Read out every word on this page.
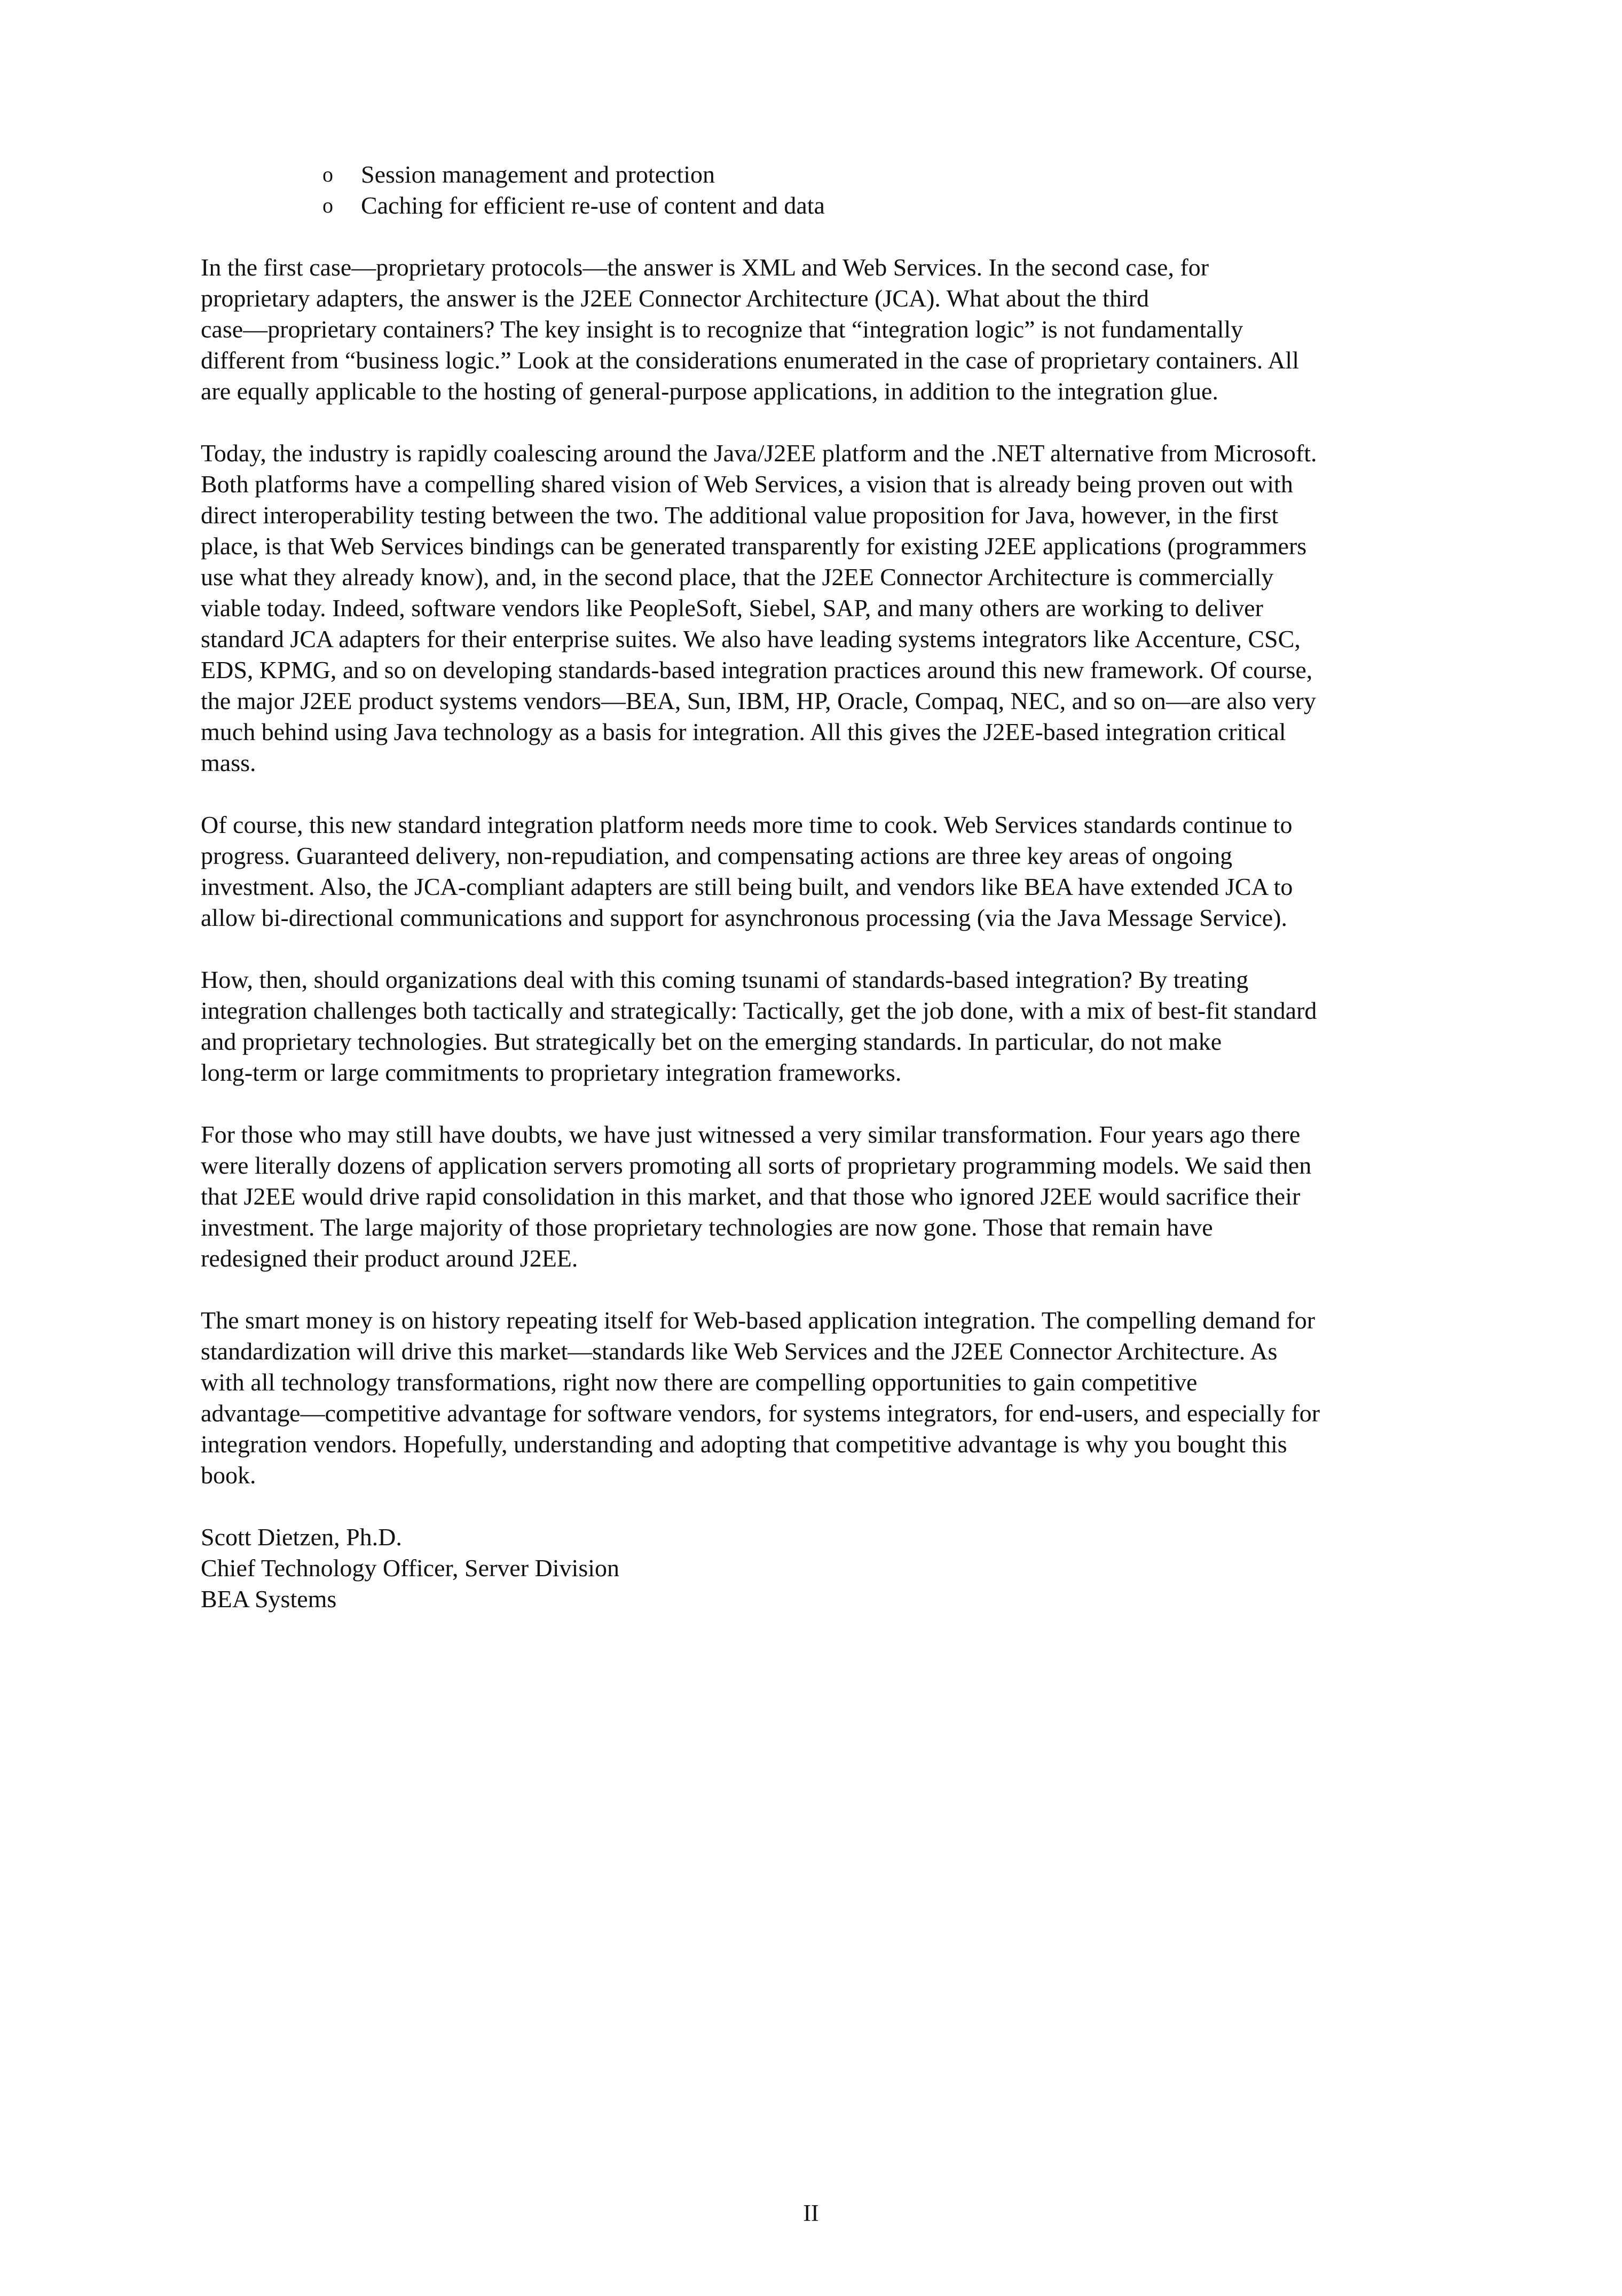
o Session management and protection
o Caching for efficient re-use of content and data

In the first case—proprietary protocols—the answer is XML and Web Services. In the second case, for
proprietary adapters, the answer is the J2EE Connector Architecture (JCA). What about the third
case—proprietary containers? The key insight is to recognize that “integration logic” is not fundamentally
different from “business logic.” Look at the considerations enumerated in the case of proprietary containers. All
are equally applicable to the hosting of general-purpose applications, in addition to the integration glue.

Today, the industry is rapidly coalescing around the Java/J2EE platform and the .NET alternative from Microsoft.
Both platforms have a compelling shared vision of Web Services, a vision that is already being proven out with
direct interoperability testing between the two. The additional value proposition for Java, however, in the first
place, is that Web Services bindings can be generated transparently for existing J2EE applications (programmers
use what they already know), and, in the second place, that the J2EE Connector Architecture is commercially
viable today. Indeed, software vendors like PeopleSoft, Siebel, SAP, and many others are working to deliver
standard JCA adapters for their enterprise suites. We also have leading systems integrators like Accenture, CSC,
EDS, KPMG, and so on developing standards-based integration practices around this new framework. Of course,
the major J2EE product systems vendors—BEA, Sun, IBM, HP, Oracle, Compaq, NEC, and so on—are also very
much behind using Java technology as a basis for integration. All this gives the J2EE-based integration critical
mass.

Of course, this new standard integration platform needs more time to cook. Web Services standards continue to
progress. Guaranteed delivery, non-repudiation, and compensating actions are three key areas of ongoing
investment. Also, the JCA-compliant adapters are still being built, and vendors like BEA have extended JCA to
allow bi-directional communications and support for asynchronous processing (via the Java Message Service).

How, then, should organizations deal with this coming tsunami of standards-based integration? By treating
integration challenges both tactically and strategically: Tactically, get the job done, with a mix of best-fit standard
and proprietary technologies. But strategically bet on the emerging standards. In particular, do not make
long-term or large commitments to proprietary integration frameworks.

For those who may still have doubts, we have just witnessed a very similar transformation. Four years ago there
were literally dozens of application servers promoting all sorts of proprietary programming models. We said then
that J2EE would drive rapid consolidation in this market, and that those who ignored J2EE would sacrifice their
investment. The large majority of those proprietary technologies are now gone. Those that remain have
redesigned their product around J2EE.

The smart money is on history repeating itself for Web-based application integration. The compelling demand for
standardization will drive this market—standards like Web Services and the J2EE Connector Architecture. As
with all technology transformations, right now there are compelling opportunities to gain competitive
advantage—competitive advantage for software vendors, for systems integrators, for end-users, and especially for
integration vendors. Hopefully, understanding and adopting that competitive advantage is why you bought this
book.

Scott Dietzen, Ph.D.
Chief Technology Officer, Server Division
BEA Systems
II
